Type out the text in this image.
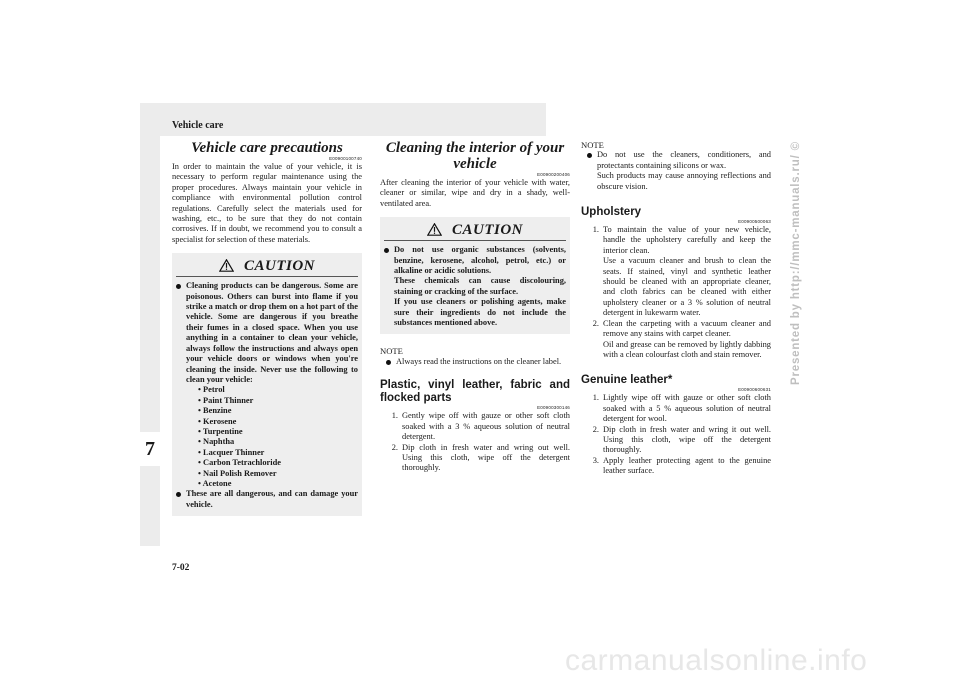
Vehicle care
7
7-02
Presented by http://mmc-manuals.ru/ ©
carmanualsonline.info
Vehicle care precautions
E00900100740

In order to maintain the value of your vehicle, it is necessary to perform regular maintenance using the proper procedures. Always maintain your vehicle in compliance with environmental pollution control regulations. Carefully select the materials used for washing, etc., to be sure that they do not contain corrosives. If in doubt, we recommend you to consult a specialist for selection of these materials.

CAUTION
Cleaning products can be dangerous. Some are poisonous. Others can burst into flame if you strike a match or drop them on a hot part of the vehicle. Some are dangerous if you breathe their fumes in a closed space. When you use anything in a container to clean your vehicle, always follow the instructions and always open your vehicle doors or windows when you're cleaning the inside. Never use the following to clean your vehicle:
• Petrol
• Paint Thinner
• Benzine
• Kerosene
• Turpentine
• Naphtha
• Lacquer Thinner
• Carbon Tetrachloride
• Nail Polish Remover
• Acetone
These are all dangerous, and can damage your vehicle.
Cleaning the interior of your vehicle
E00900200406

After cleaning the interior of your vehicle with water, cleaner or similar, wipe and dry in a shady, well-ventilated area.

CAUTION

Do not use organic substances (solvents, benzine, kerosene, alcohol, petrol, etc.) or alkaline or acidic solutions.

These chemicals can cause discolouring, staining or cracking of the surface.

If you use cleaners or polishing agents, make sure their ingredients do not include the substances mentioned above.

NOTE
Always read the instructions on the cleaner label.
Plastic, vinyl leather, fabric and flocked parts
E00900300146
1. Gently wipe off with gauze or other soft cloth soaked with a 3 % aqueous solution of neutral detergent.
2. Dip cloth in fresh water and wring out well. Using this cloth, wipe off the detergent thoroughly.
NOTE

Do not use the cleaners, conditioners, and protectants containing silicons or wax.

Such products may cause annoying reflections and obscure vision.

Upholstery
E00900500063
1. To maintain the value of your new vehicle, handle the upholstery carefully and keep the interior clean.
Use a vacuum cleaner and brush to clean the seats. If stained, vinyl and synthetic leather should be cleaned with an appropriate cleaner, and cloth fabrics can be cleaned with either upholstery cleaner or a 3 % solution of neutral detergent in lukewarm water.
2. Clean the carpeting with a vacuum cleaner and remove any stains with carpet cleaner.
Oil and grease can be removed by lightly dabbing with a clean colourfast cloth and stain remover.
Genuine leather*
E00900600631
1. Lightly wipe off with gauze or other soft cloth soaked with a 5 % aqueous solution of neutral detergent for wool.
2. Dip cloth in fresh water and wring it out well. Using this cloth, wipe off the detergent thoroughly.
3. Apply leather protecting agent to the genuine leather surface.
